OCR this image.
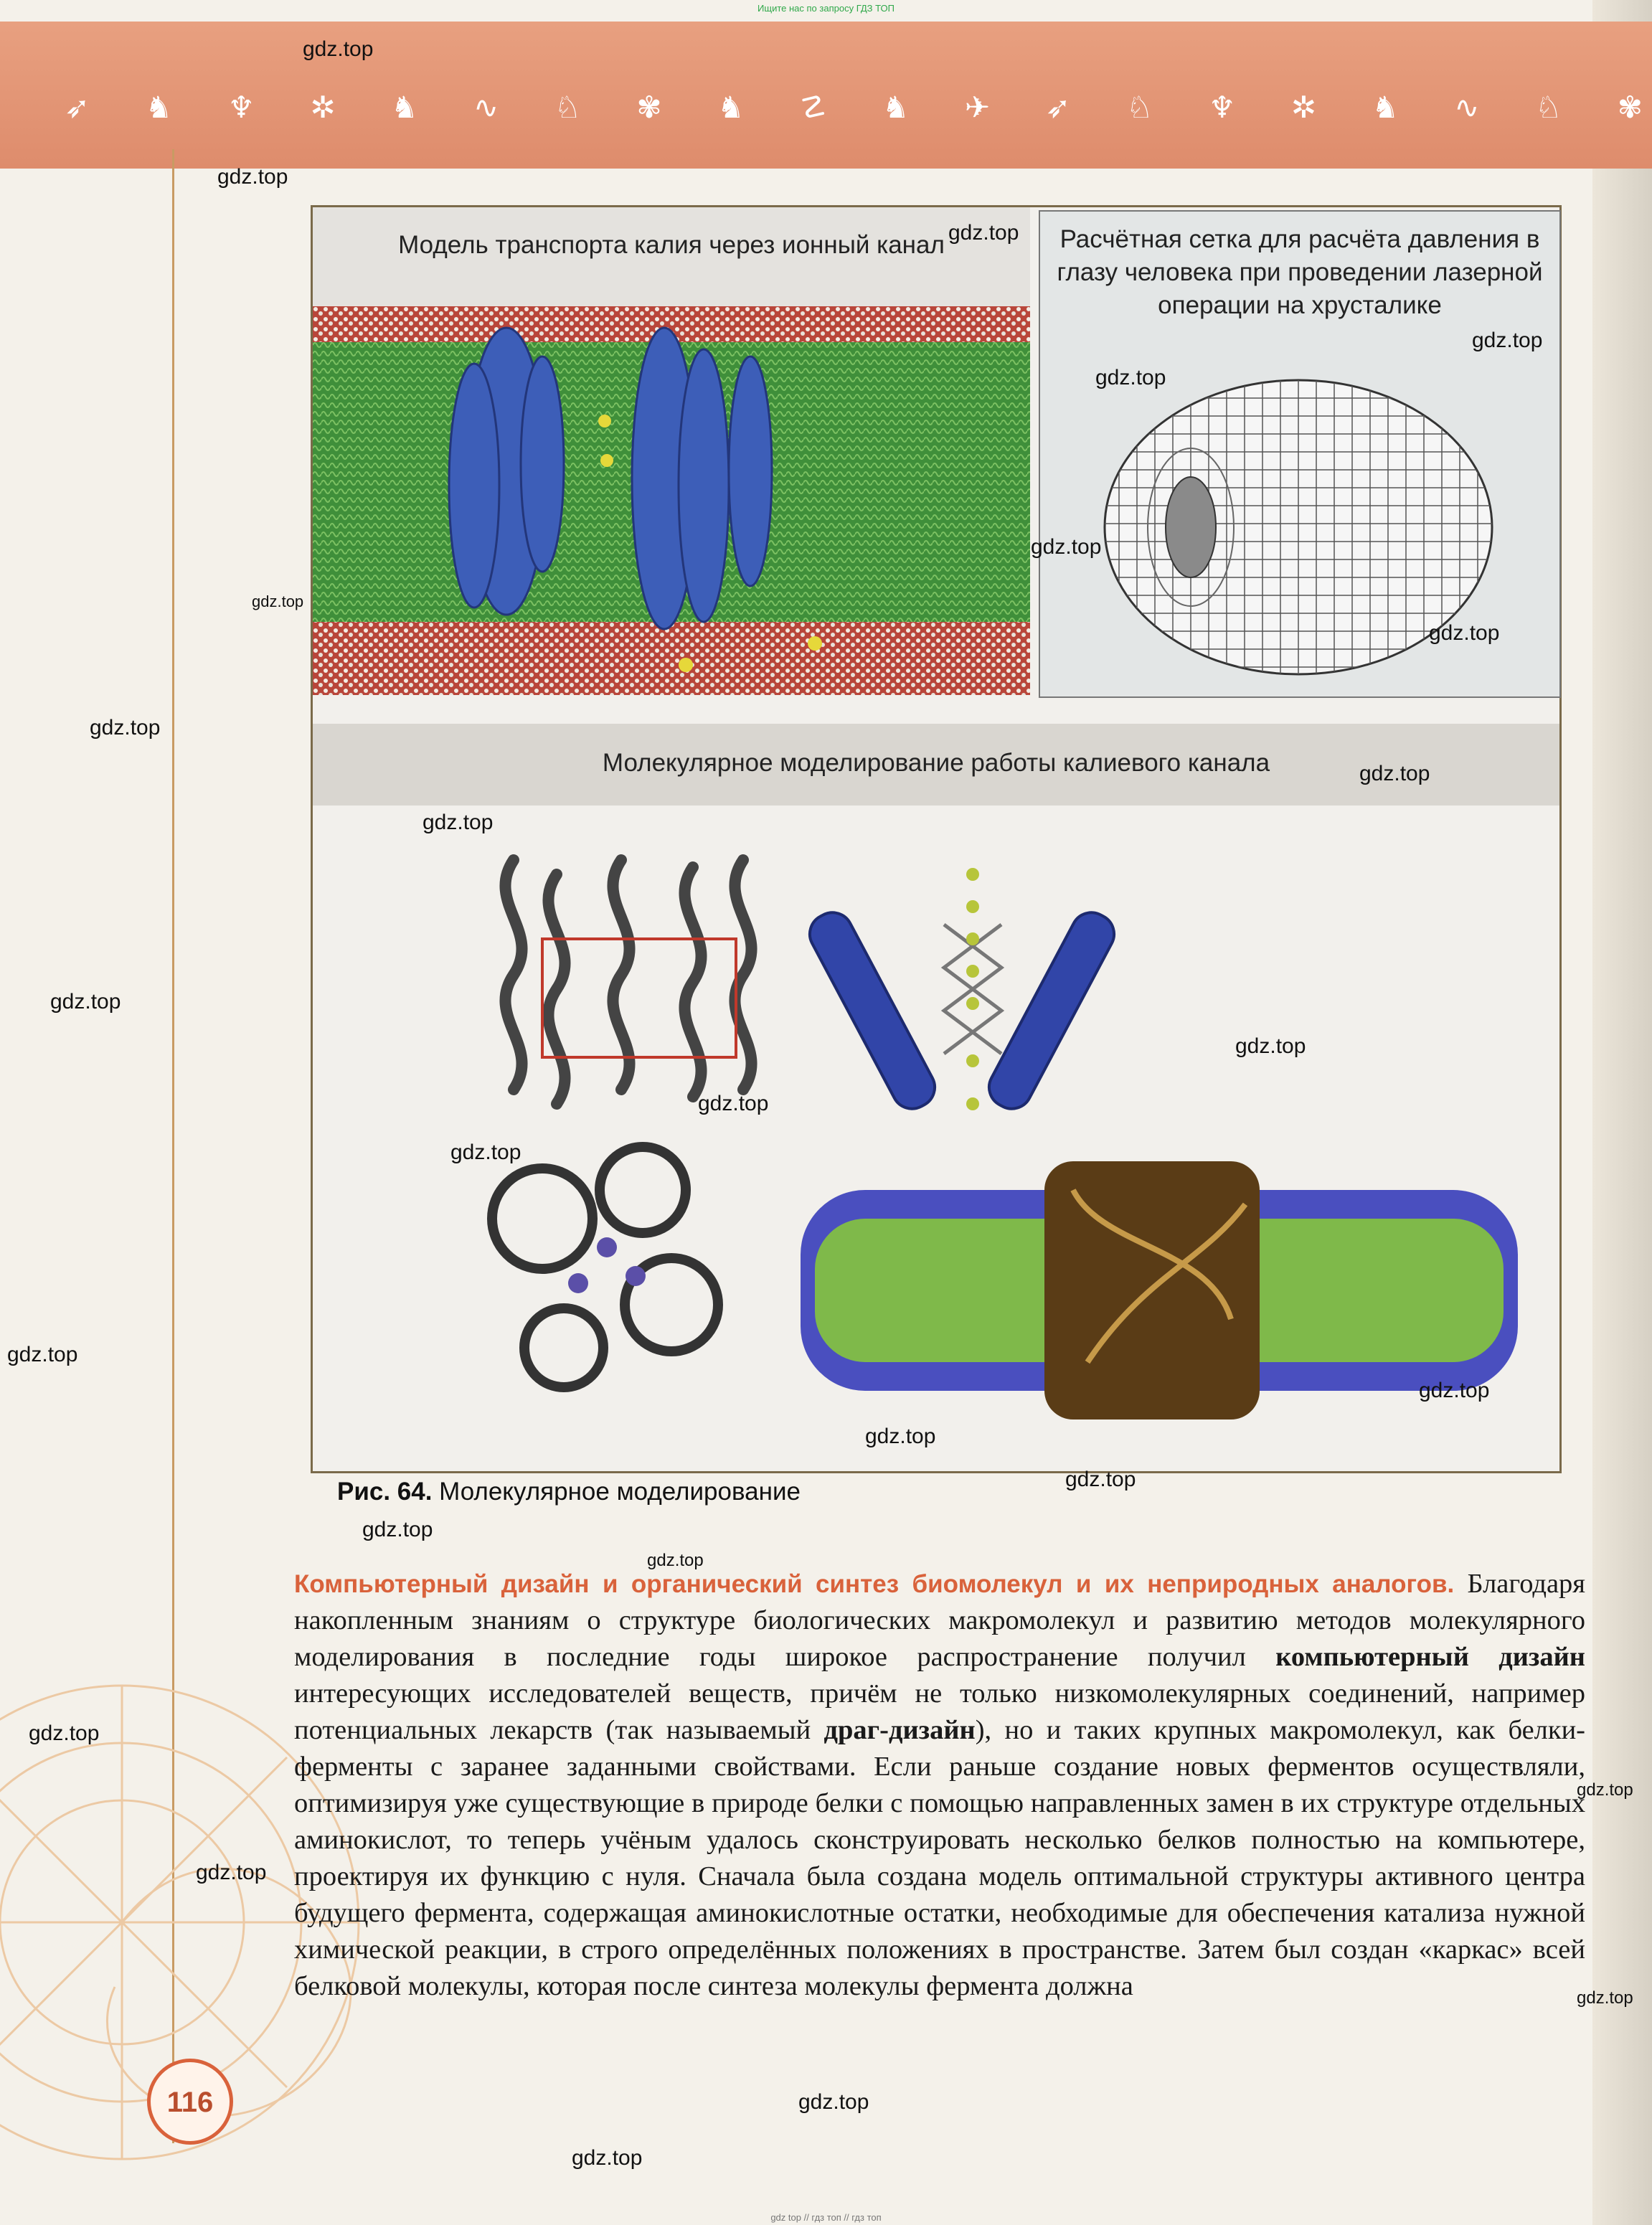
Ищите нас по запросу ГДЗ ТОП
➶ ♞ ♆ ✲ ♞ ∿ ♘ ✾ ♞ ☡ ♞ ✈ ➶ ♘ ♆ ✲ ♞ ∿ ♘ ✾
Модель транспорта калия через ионный канал	Расчётная сетка для расчёта давления в глазу человека при проведении лазерной операции на хрусталике
Молекулярное моделирование работы калиевого канала
Рис. 64. Молекулярное моделирование
Компьютерный дизайн и органический синтез биомолекул и их неприродных аналогов. Благодаря накопленным знаниям о структуре биологических макромолекул и развитию методов молекулярного моделирования в последние годы широкое распространение получил компьютерный дизайн интересующих исследователей веществ, причём не только низкомолекулярных соединений, например потенциальных лекарств (так называемый драг-дизайн), но и таких крупных макромолекул, как белки-ферменты с заранее заданными свойствами. Если раньше создание новых ферментов осуществляли, оптимизируя уже существующие в природе белки с помощью направленных замен в их структуре отдельных аминокислот, то теперь учёным удалось сконструировать несколько белков полностью на компьютере, проектируя их функцию с нуля. Сначала была создана модель оптимальной структуры активного центра будущего фермента, содержащая аминокислотные остатки, необходимые для обеспечения катализа нужной химической реакции, в строго определённых положениях в пространстве. Затем был создан «каркас» всей белковой молекулы, которая после синтеза молекулы фермента должна
116
gdz.top
gdz.top
gdz.top
gdz.top
gdz.top
gdz.top
gdz.top
gdz.top
gdz.top
gdz.top
gdz.top
gdz.top
gdz.top
gdz.top
gdz.top
gdz.top
gdz.top
gdz.top
gdz.top
gdz.top
gdz.top
gdz.top
gdz.top
gdz.top
gdz.top
gdz.top
gdz.top
gdz top // гдз топ // гдз топ
